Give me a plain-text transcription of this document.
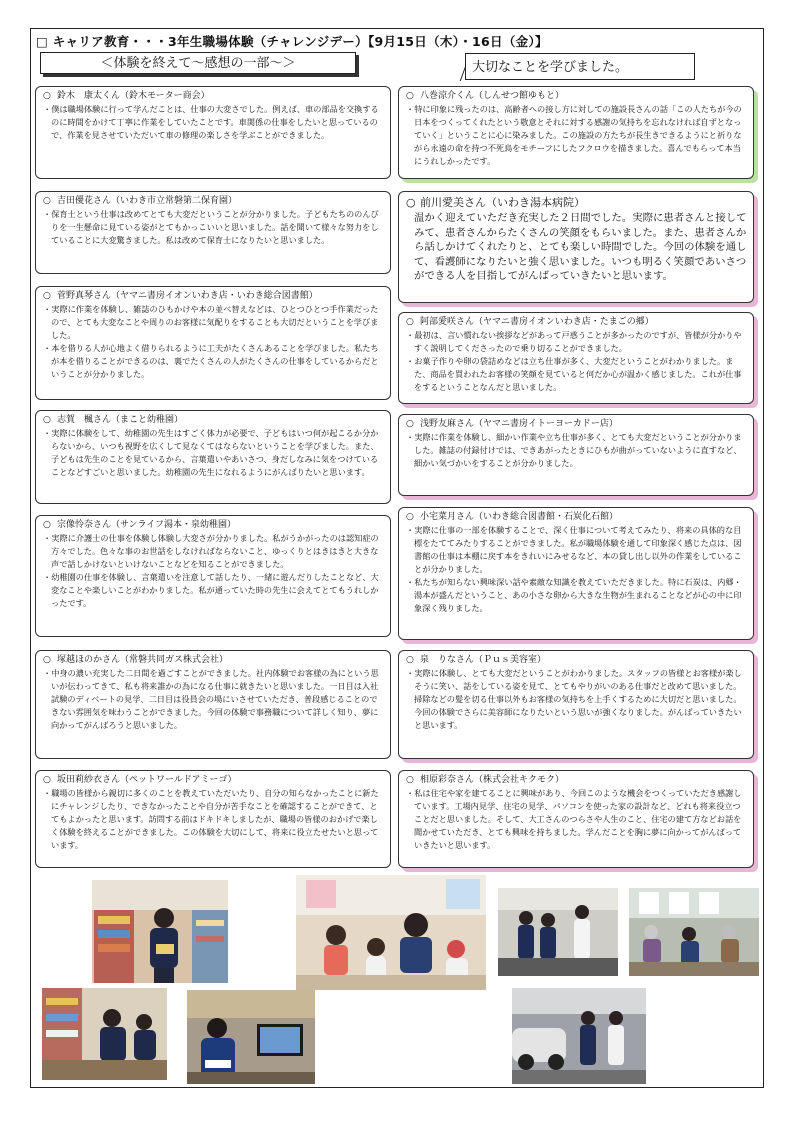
□ キャリア教育・・・3年生職場体験（チャレンジデー）【9月15日（木）・16日（金）】
＜体験を終えて～感想の一部～＞	大切なことを学びました。
○ 鈴木　康太くん（鈴木モーター商会）

・僕は職場体験に行って学んだことは、仕事の大変さでした。例えば、車の部品を交換するのに時間をかけて丁寧に作業をしていたことです。車関係の仕事をしたいと思っているので、作業を見させていただいて車の修理の楽しさを学ぶことができました。

○ 吉田優花さん（いわき市立常磐第二保育園）

・保育士という仕事は改めてとても大変だということが分かりました。子どもたちののんびりを一生懸命に見ている姿がとてもかっこいいと思いました。話を聞いて様々な努力をしていることに大変驚きました。私は改めて保育士になりたいと思いました。

○ 菅野真琴さん（ヤマニ書房イオンいわき店・いわき総合図書館）

・実際に作業を体験し、雑誌のひもかけや本の並べ替えなどは、ひとつひとつ手作業だったので、とても大変なことや周りのお客様に気配りをすることも大切だということを学びました。

・本を借りる人が心地よく借りられるように工夫がたくさんあることを学びました。私たちが本を借りることができるのは、裏でたくさんの人がたくさんの仕事をしているからだということが分かりました。

○ 志賀　楓さん（まこと幼稚園）

・実際に体験をして、幼稚園の先生はすごく体力が必要で、子どもはいつ何が起こるか分からないから、いつも視野を広くして見なくてはならないということを学びました。また、子どもは先生のことを見ているから、言葉遣いやあいさつ、身だしなみに気をつけていることなどすごいと思いました。幼稚園の先生になれるようにがんばりたいと思います。

○ 宗像怜奈さん（サンライフ湯本・泉幼稚園）

・実際に介護士の仕事を体験し体験し大変さが分かりました。私がうかがったのは認知症の方々でした。色々な事のお世話をしなければならないこと、ゆっくりとはきはきと大きな声で話しかけないといけないことなどを知ることができました。

・幼稚園の仕事を体験し、言葉遣いを注意して話したり、一緒に遊んだりしたことなど、大変なことや楽しいことがわかりました。私が通っていた時の先生に会えてとてもうれしかったです。

○ 塚越ほのかさん（常磐共同ガス株式会社）

・中身の濃い充実した二日間を過ごすことができました。社内体験でお客様の為にという思いが伝わってきて、私も将来誰かの為になる仕事に就きたいと思いました。一日目は入社試験のディベートの見学、二日目は役員会の場にいさせていただき、普段感じることのできない雰囲気を味わうことができました。今回の体験で事務職について詳しく知り、夢に向かってがんばろうと思いました。

○ 坂田莉紗衣さん（ペットワールドアミーゴ）

・職場の皆様から親切に多くのことを教えていただいたり、自分の知らなかったことに新たにチャレンジしたり、できなかったことや自分が苦手なことを確認することができて、とてもよかったと思います。訪問する前はドキドキしましたが、職場の皆様のおかげで楽しく体験を終えることができました。この体験を大切にして、将来に役立たせたいと思っています。

○ 八巻涼介くん（しんせつ館ゆもと）

・特に印象に残ったのは、高齢者への接し方に対しての施設長さんの話「この人たちが今の日本をつくってくれたという敬意とそれに対する感謝の気持ちを忘れなければ自ずとなっていく」ということに心に染みました。この施設の方たちが長生きできるようにと祈りながら永遠の命を持つ不死鳥をモチーフにしたフクロウを描きました。喜んでもらって本当にうれしかったです。

○ 前川愛美さん（いわき湯本病院）

温かく迎えていただき充実した２日間でした。実際に患者さんと接してみて、患者さんからたくさんの笑顔をもらいました。また、患者さんから話しかけてくれたりと、とても楽しい時間でした。今回の体験を通して、看護師になりたいと強く思いました。いつも明るく笑顔であいさつができる人を目指してがんばっていきたいと思います。

○ 阿部愛咲さん（ヤマニ書房イオンいわき店・たまごの郷）

・最初は、言い慣れない挨拶などがあって戸惑うことが多かったのですが、皆様が分かりやすく説明してくださったので乗り切ることができました。

・お菓子作りや卵の袋詰めなどは立ち仕事が多く、大変だということがわかりました。また、商品を買われたお客様の笑顔を見ていると何だか心が温かく感じました。これが仕事をするということなんだと思いました。

○ 浅野友麻さん（ヤマニ書房イトーヨーカドー店）

・実際に作業を体験し、細かい作業や立ち仕事が多く、とても大変だということが分かりました。雑誌の付録付けでは、できあがったときにひもが曲がっていないように直すなど、細かい気づかいをすることが分かりました。

○ 小宅菜月さん（いわき総合図書館・石炭化石館）

・実際に仕事の一部を体験することで、深く仕事について考えてみたり、将来の具体的な目標をたててみたりすることができました。私が職場体験を通して印象深く感じた点は、図書館の仕事は本棚に戻す本をきれいにみせるなど、本の貸し出し以外の作業をしていることが分かりました。

・私たちが知らない興味深い話や素敵な知識を教えていただきました。特に石炭は、内郷・湯本が盛んだということ、あの小さな卵から大きな生物が生まれることなどが心の中に印象深く残りました。

○ 泉　りなさん（Ｐｕｓ美容室）

・実際に体験し、とても大変だということがわかりました。スタッフの皆様とお客様が楽しそうに笑い、話をしている姿を見て、とてもやりがいのある仕事だと改めて思いました。掃除などの髪を切る仕事以外もお客様の気持ちを上手くするために大切だと思いました。今回の体験でさらに美容師になりたいという思いが強くなりました。がんばっていきたいと思います。

○ 相原彩奈さん（株式会社キクモク）

・私は住宅や家を建てることに興味があり、今回このような機会をつくっていただき感謝しています。工場内見学、住宅の見学、パソコンを使った家の設計など、どれも将来役立つことだと思いました。そして、大工さんのつらさや人生のこと、住宅の建て方などお話を聞かせていただき、とても興味を持ちました。学んだことを胸に夢に向かってがんばっていきたいと思います。
